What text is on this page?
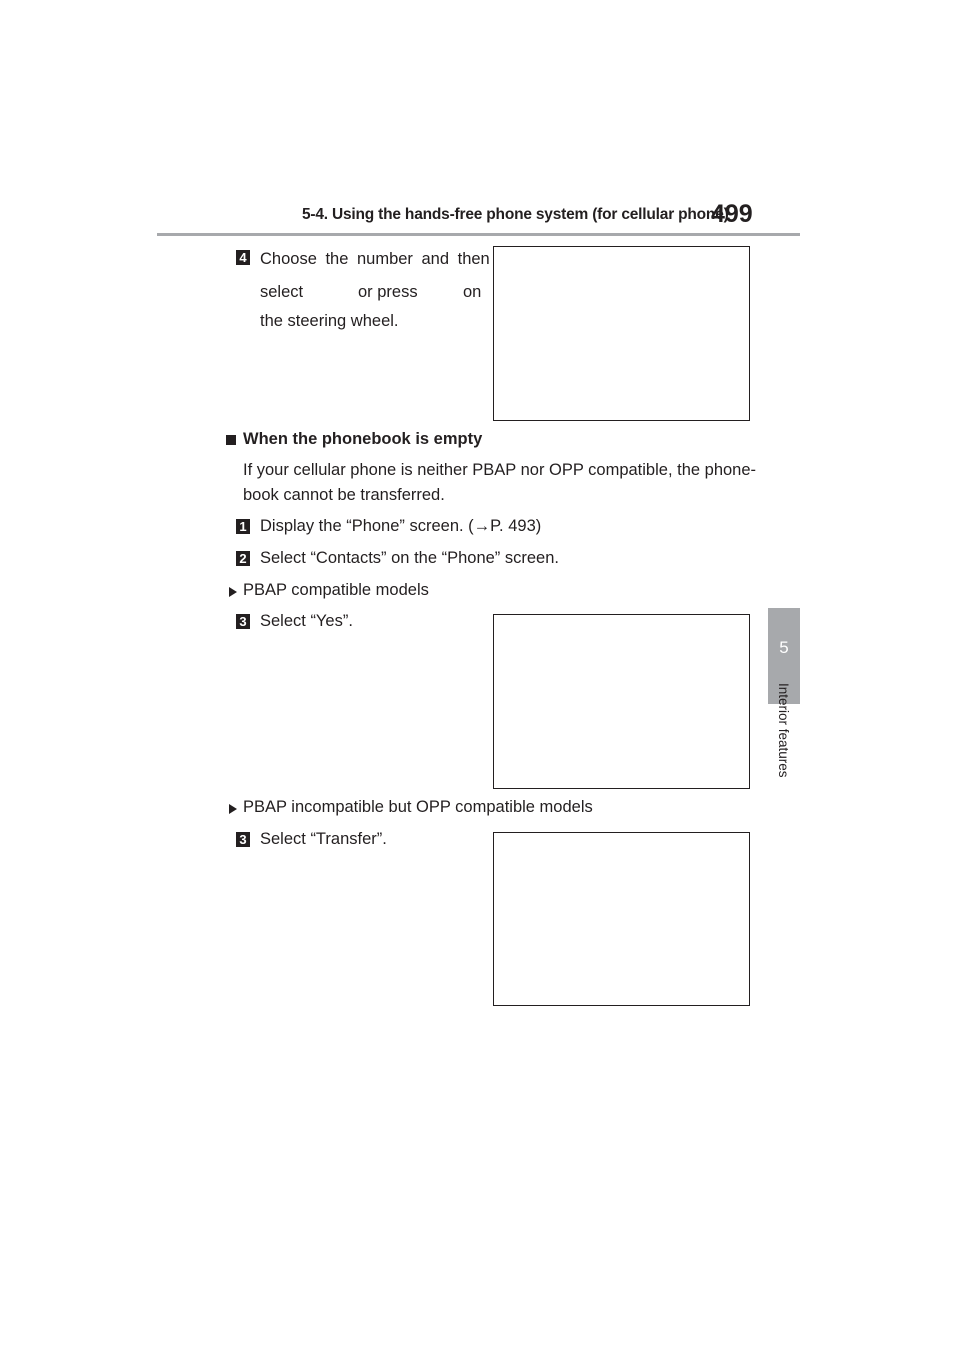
5-4. Using the hands-free phone system (for cellular phone)
499
5
Interior features
4 Choose the number and then
select	or press	on
the steering wheel.
When the phonebook is empty
If your cellular phone is neither PBAP nor OPP compatible, the phone-
book cannot be transferred.
1 Display the “Phone” screen. (→P. 493)
2 Select “Contacts” on the “Phone” screen.
PBAP compatible models
3 Select “Yes”.
PBAP incompatible but OPP compatible models
3 Select “Transfer”.
